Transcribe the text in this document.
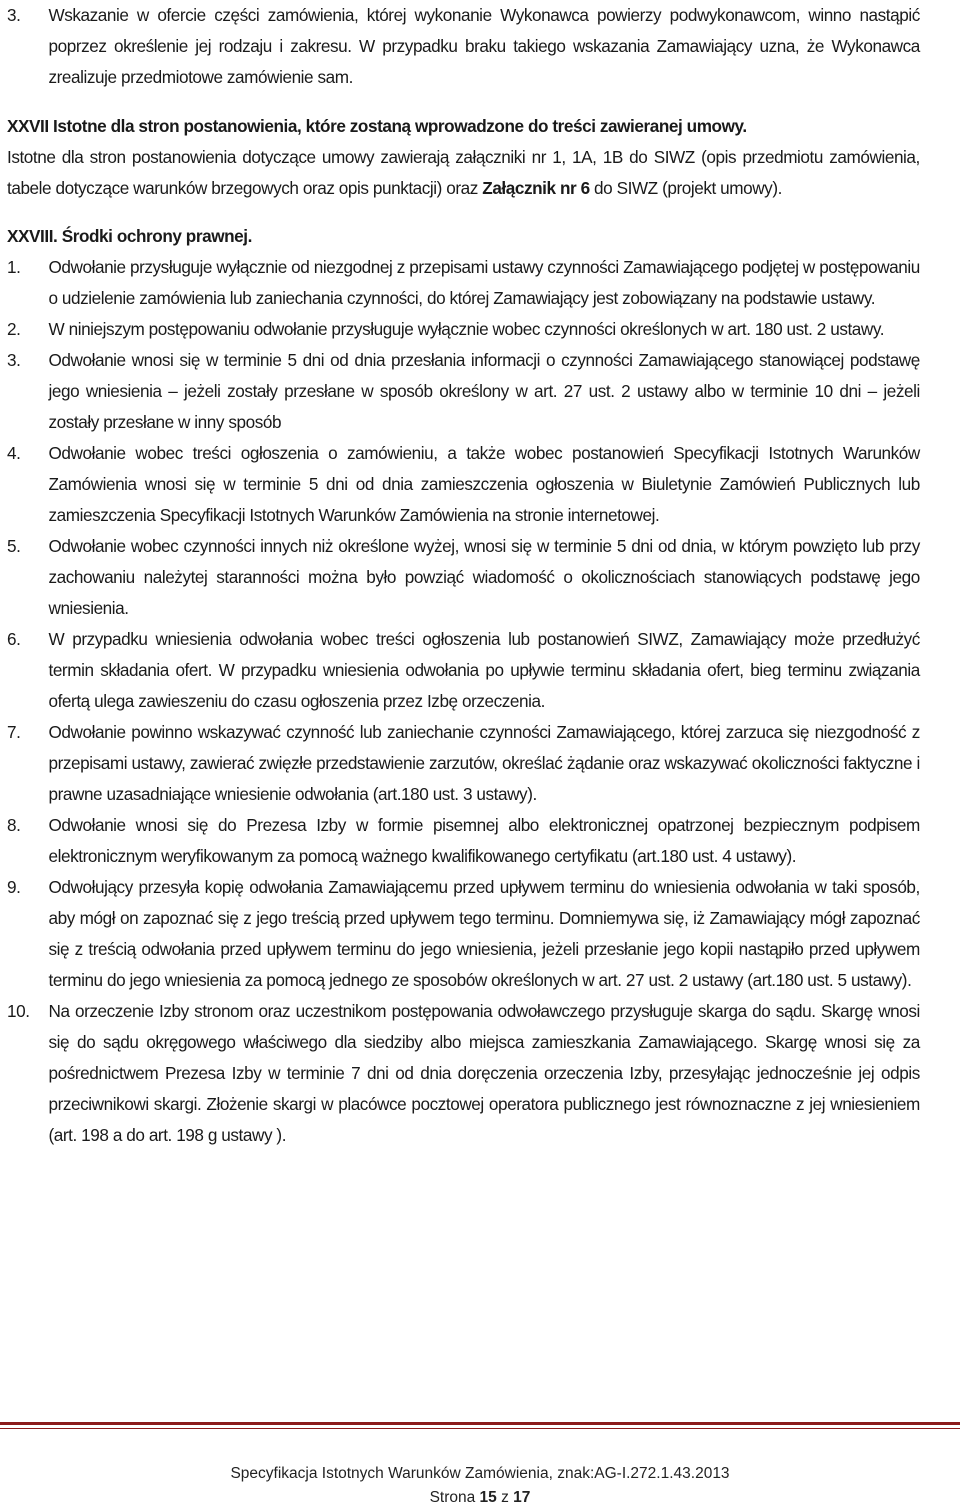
3.	Wskazanie w ofercie części zamówienia, której wykonanie Wykonawca powierzy podwykonawcom, winno nastąpić poprzez określenie jej rodzaju i zakresu. W przypadku braku takiego wskazania Zamawiający uzna, że Wykonawca zrealizuje przedmiotowe zamówienie sam.
XXVII Istotne dla stron postanowienia, które zostaną wprowadzone do treści zawieranej umowy.
Istotne dla stron postanowienia dotyczące umowy zawierają załączniki nr 1, 1A, 1B do SIWZ (opis przedmiotu zamówienia, tabele dotyczące warunków brzegowych oraz opis punktacji) oraz Załącznik nr 6 do SIWZ (projekt umowy).
XXVIII. Środki ochrony prawnej.
1.	Odwołanie przysługuje wyłącznie od niezgodnej z przepisami ustawy czynności Zamawiającego podjętej w postępowaniu o udzielenie zamówienia lub zaniechania czynności, do której Zamawiający jest zobowiązany na podstawie ustawy.
2.	W niniejszym postępowaniu odwołanie przysługuje wyłącznie wobec czynności określonych w art. 180 ust. 2 ustawy.
3.	Odwołanie wnosi się w terminie 5 dni od dnia przesłania informacji o czynności Zamawiającego stanowiącej podstawę jego wniesienia – jeżeli zostały przesłane w sposób określony w art. 27 ust. 2 ustawy albo w terminie 10 dni – jeżeli zostały przesłane w inny sposób
4.	Odwołanie wobec treści ogłoszenia o zamówieniu, a także wobec postanowień Specyfikacji Istotnych Warunków Zamówienia wnosi się w terminie 5 dni od dnia zamieszczenia ogłoszenia w Biuletynie Zamówień Publicznych lub zamieszczenia Specyfikacji Istotnych Warunków Zamówienia na stronie internetowej.
5.	Odwołanie wobec czynności innych niż określone wyżej, wnosi się w terminie 5 dni od dnia, w którym powzięto lub przy zachowaniu należytej staranności można było powziąć wiadomość o okolicznościach stanowiących podstawę jego wniesienia.
6.	W przypadku wniesienia odwołania wobec treści ogłoszenia lub postanowień SIWZ, Zamawiający może przedłużyć termin składania ofert. W przypadku wniesienia odwołania po upływie terminu składania ofert, bieg terminu związania ofertą ulega zawieszeniu do czasu ogłoszenia przez Izbę orzeczenia.
7.	Odwołanie powinno wskazywać czynność lub zaniechanie czynności Zamawiającego, której zarzuca się niezgodność z przepisami ustawy, zawierać zwięzłe przedstawienie zarzutów, określać żądanie oraz wskazywać okoliczności faktyczne i prawne uzasadniające wniesienie odwołania (art.180 ust. 3 ustawy).
8.	Odwołanie wnosi się do Prezesa Izby w formie pisemnej albo elektronicznej opatrzonej bezpiecznym podpisem elektronicznym weryfikowanym za pomocą ważnego kwalifikowanego certyfikatu (art.180 ust. 4 ustawy).
9.	Odwołujący przesyła kopię odwołania Zamawiającemu przed upływem terminu do wniesienia odwołania w taki sposób, aby mógł on zapoznać się z jego treścią przed upływem tego terminu. Domniemywa się, iż Zamawiający mógł zapoznać się z treścią odwołania przed upływem terminu do jego wniesienia, jeżeli przesłanie jego kopii nastąpiło przed upływem terminu do jego wniesienia za pomocą jednego ze sposobów określonych w art. 27 ust. 2 ustawy (art.180 ust. 5 ustawy).
10.	Na orzeczenie Izby stronom oraz uczestnikom postępowania odwoławczego przysługuje skarga do sądu. Skargę wnosi się do sądu okręgowego właściwego dla siedziby albo miejsca zamieszkania Zamawiającego. Skargę wnosi się za pośrednictwem Prezesa Izby w terminie 7 dni od dnia doręczenia orzeczenia Izby, przesyłając jednocześnie jej odpis przeciwnikowi skargi. Złożenie skargi w placówce pocztowej operatora publicznego jest równoznaczne z jej wniesieniem (art. 198 a do art. 198 g ustawy ).
Specyfikacja Istotnych Warunków Zamówienia, znak:AG-I.272.1.43.2013
Strona 15 z 17
